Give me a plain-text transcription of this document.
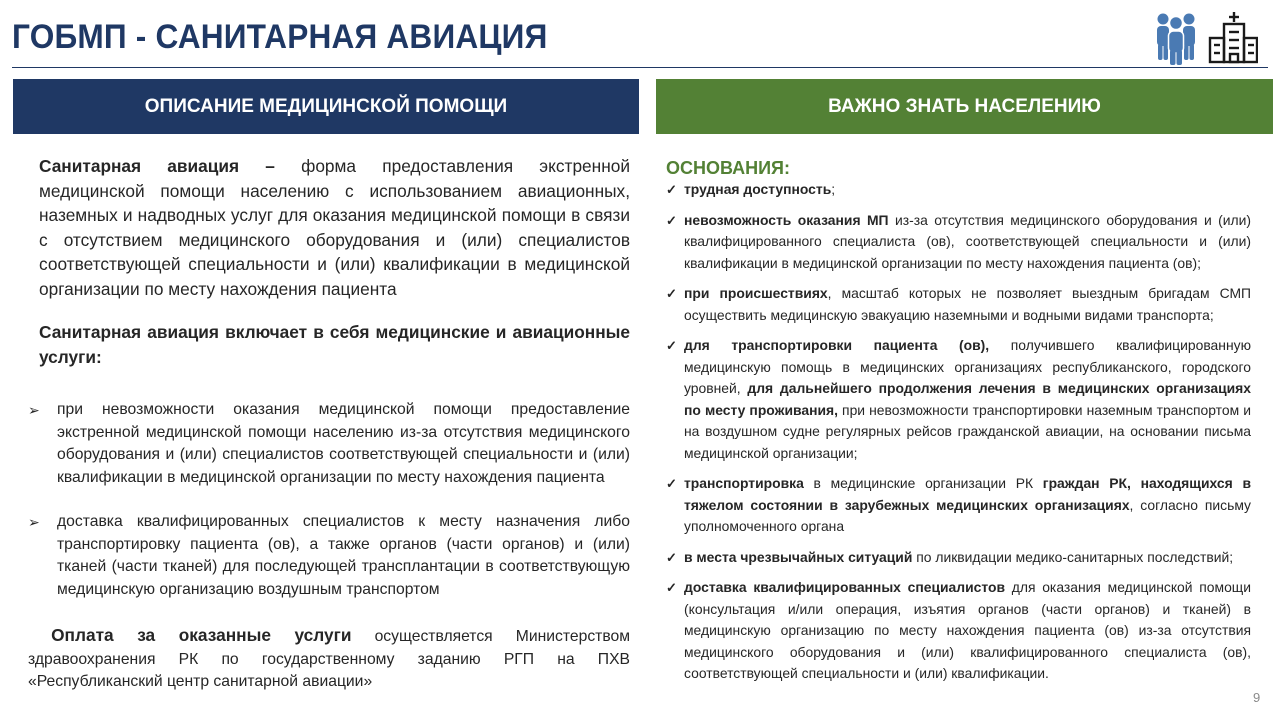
ГОБМП - САНИТАРНАЯ АВИАЦИЯ
ОПИСАНИЕ МЕДИЦИНСКОЙ ПОМОЩИ	ВАЖНО ЗНАТЬ НАСЕЛЕНИЮ

Санитарная авиация – форма предоставления экстренной медицинской помощи населению с использованием авиационных, наземных и надводных услуг для оказания медицинской помощи в связи с отсутствием медицинского оборудования и (или) специалистов соответствующей специальности и (или) квалификации в медицинской организации по месту нахождения пациента

Санитарная авиация включает в себя медицинские и авиационные услуги:

➢ при невозможности оказания медицинской помощи предоставление экстренной медицинской помощи населению из-за отсутствия медицинского оборудования и (или) специалистов соответствующей специальности и (или) квалификации в медицинской организации по месту нахождения пациента
➢ доставка квалифицированных специалистов к месту назначения либо транспортировку пациента (ов), а также органов (части органов) и (или) тканей (части тканей) для последующей трансплантации в соответствующую медицинскую организацию воздушным транспортом

Оплата за оказанные услуги осуществляется Министерством здравоохранения РК по государственному заданию РГП на ПХВ «Республиканский центр санитарной авиации»

ОСНОВАНИЯ:
✓ трудная доступность;
✓ невозможность оказания МП из-за отсутствия медицинского оборудования и (или) квалифицированного специалиста (ов), соответствующей специальности и (или) квалификации в медицинской организации по месту нахождения пациента (ов);
✓ при происшествиях, масштаб которых не позволяет выездным бригадам СМП осуществить медицинскую эвакуацию наземными и водными видами транспорта;
✓ для транспортировки пациента (ов), получившего квалифицированную медицинскую помощь в медицинских организациях республиканского, городского уровней, для дальнейшего продолжения лечения в медицинских организациях по месту проживания, при невозможности транспортировки наземным транспортом и на воздушном судне регулярных рейсов гражданской авиации, на основании письма медицинской организации;
✓ транспортировка в медицинские организации РК граждан РК, находящихся в тяжелом состоянии в зарубежных медицинских организациях, согласно письму уполномоченного органа
✓ в места чрезвычайных ситуаций по ликвидации медико-санитарных последствий;
✓ доставка квалифицированных специалистов для оказания медицинской помощи (консультация и/или операция, изъятия органов (части органов) и тканей) в медицинскую организацию по месту нахождения пациента (ов) из-за отсутствия медицинского оборудования и (или) квалифицированного специалиста (ов), соответствующей специальности и (или) квалификации.
9
